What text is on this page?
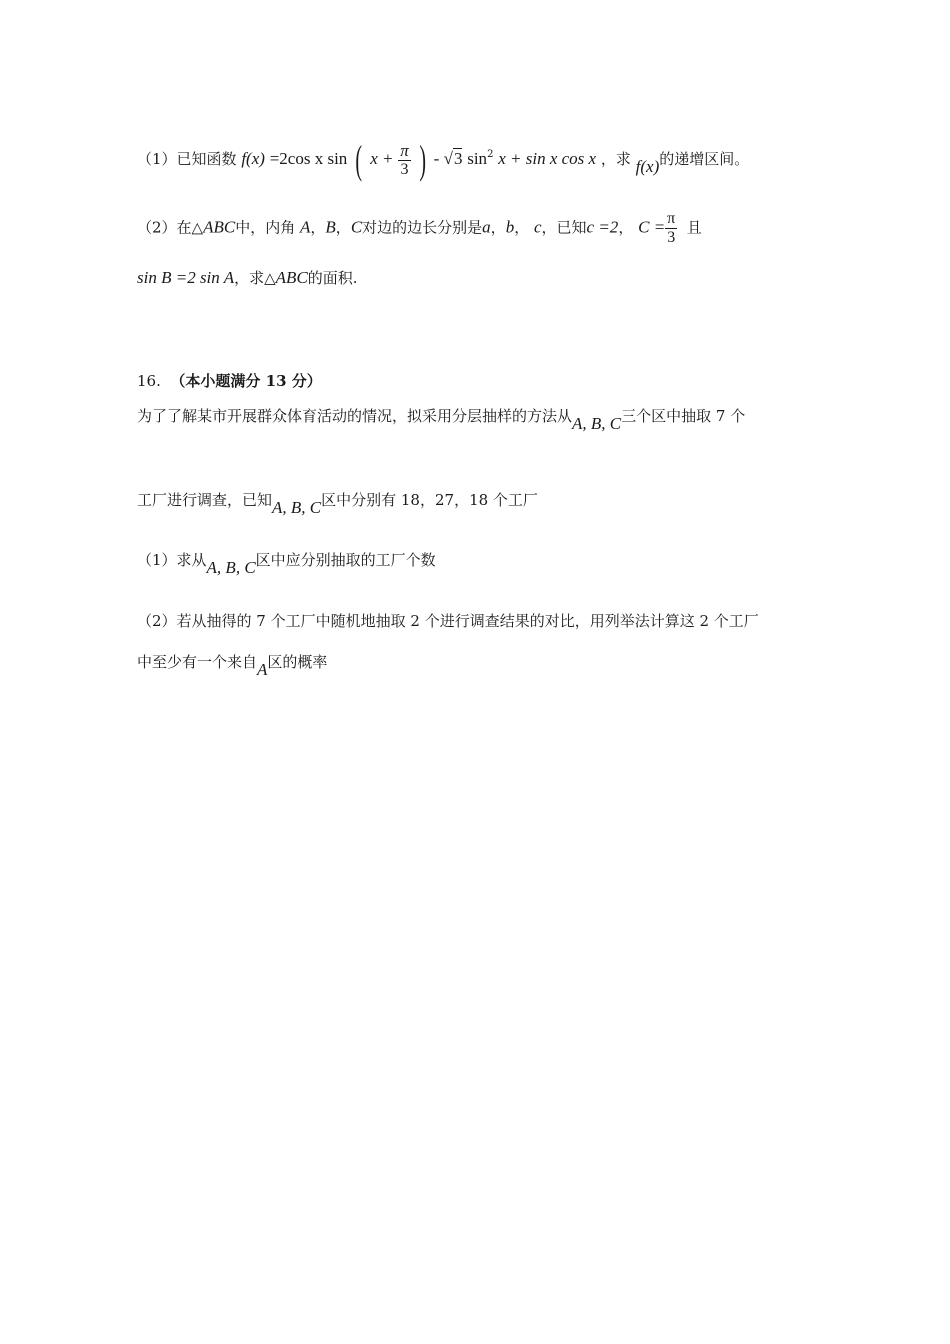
（1）已知函数 f(x) =2cos x sin ( $x + \frac{\pi}{3}$ ) - √3 $\sin^2 x + \sin x$ cos x ，求 f(x)的递增区间。
（2）在△ABC中，内角 A，B，C对边的边长分别是a，b， c，已知c =2， $C = \frac{\pi}{3}$ 且
sin B =2 sin A，求△ABC的面积.
16. （本小题满分 13 分）
为了了解某市开展群众体育活动的情况，拟采用分层抽样的方法从A, B, C三个区中抽取 7 个
工厂进行调查，已知A, B, C区中分别有 18，27，18 个工厂
（1）求从A, B, C区中应分别抽取的工厂个数
（2）若从抽得的 7 个工厂中随机地抽取 2 个进行调查结果的对比，用列举法计算这 2 个工厂
中至少有一个来自A区的概率
